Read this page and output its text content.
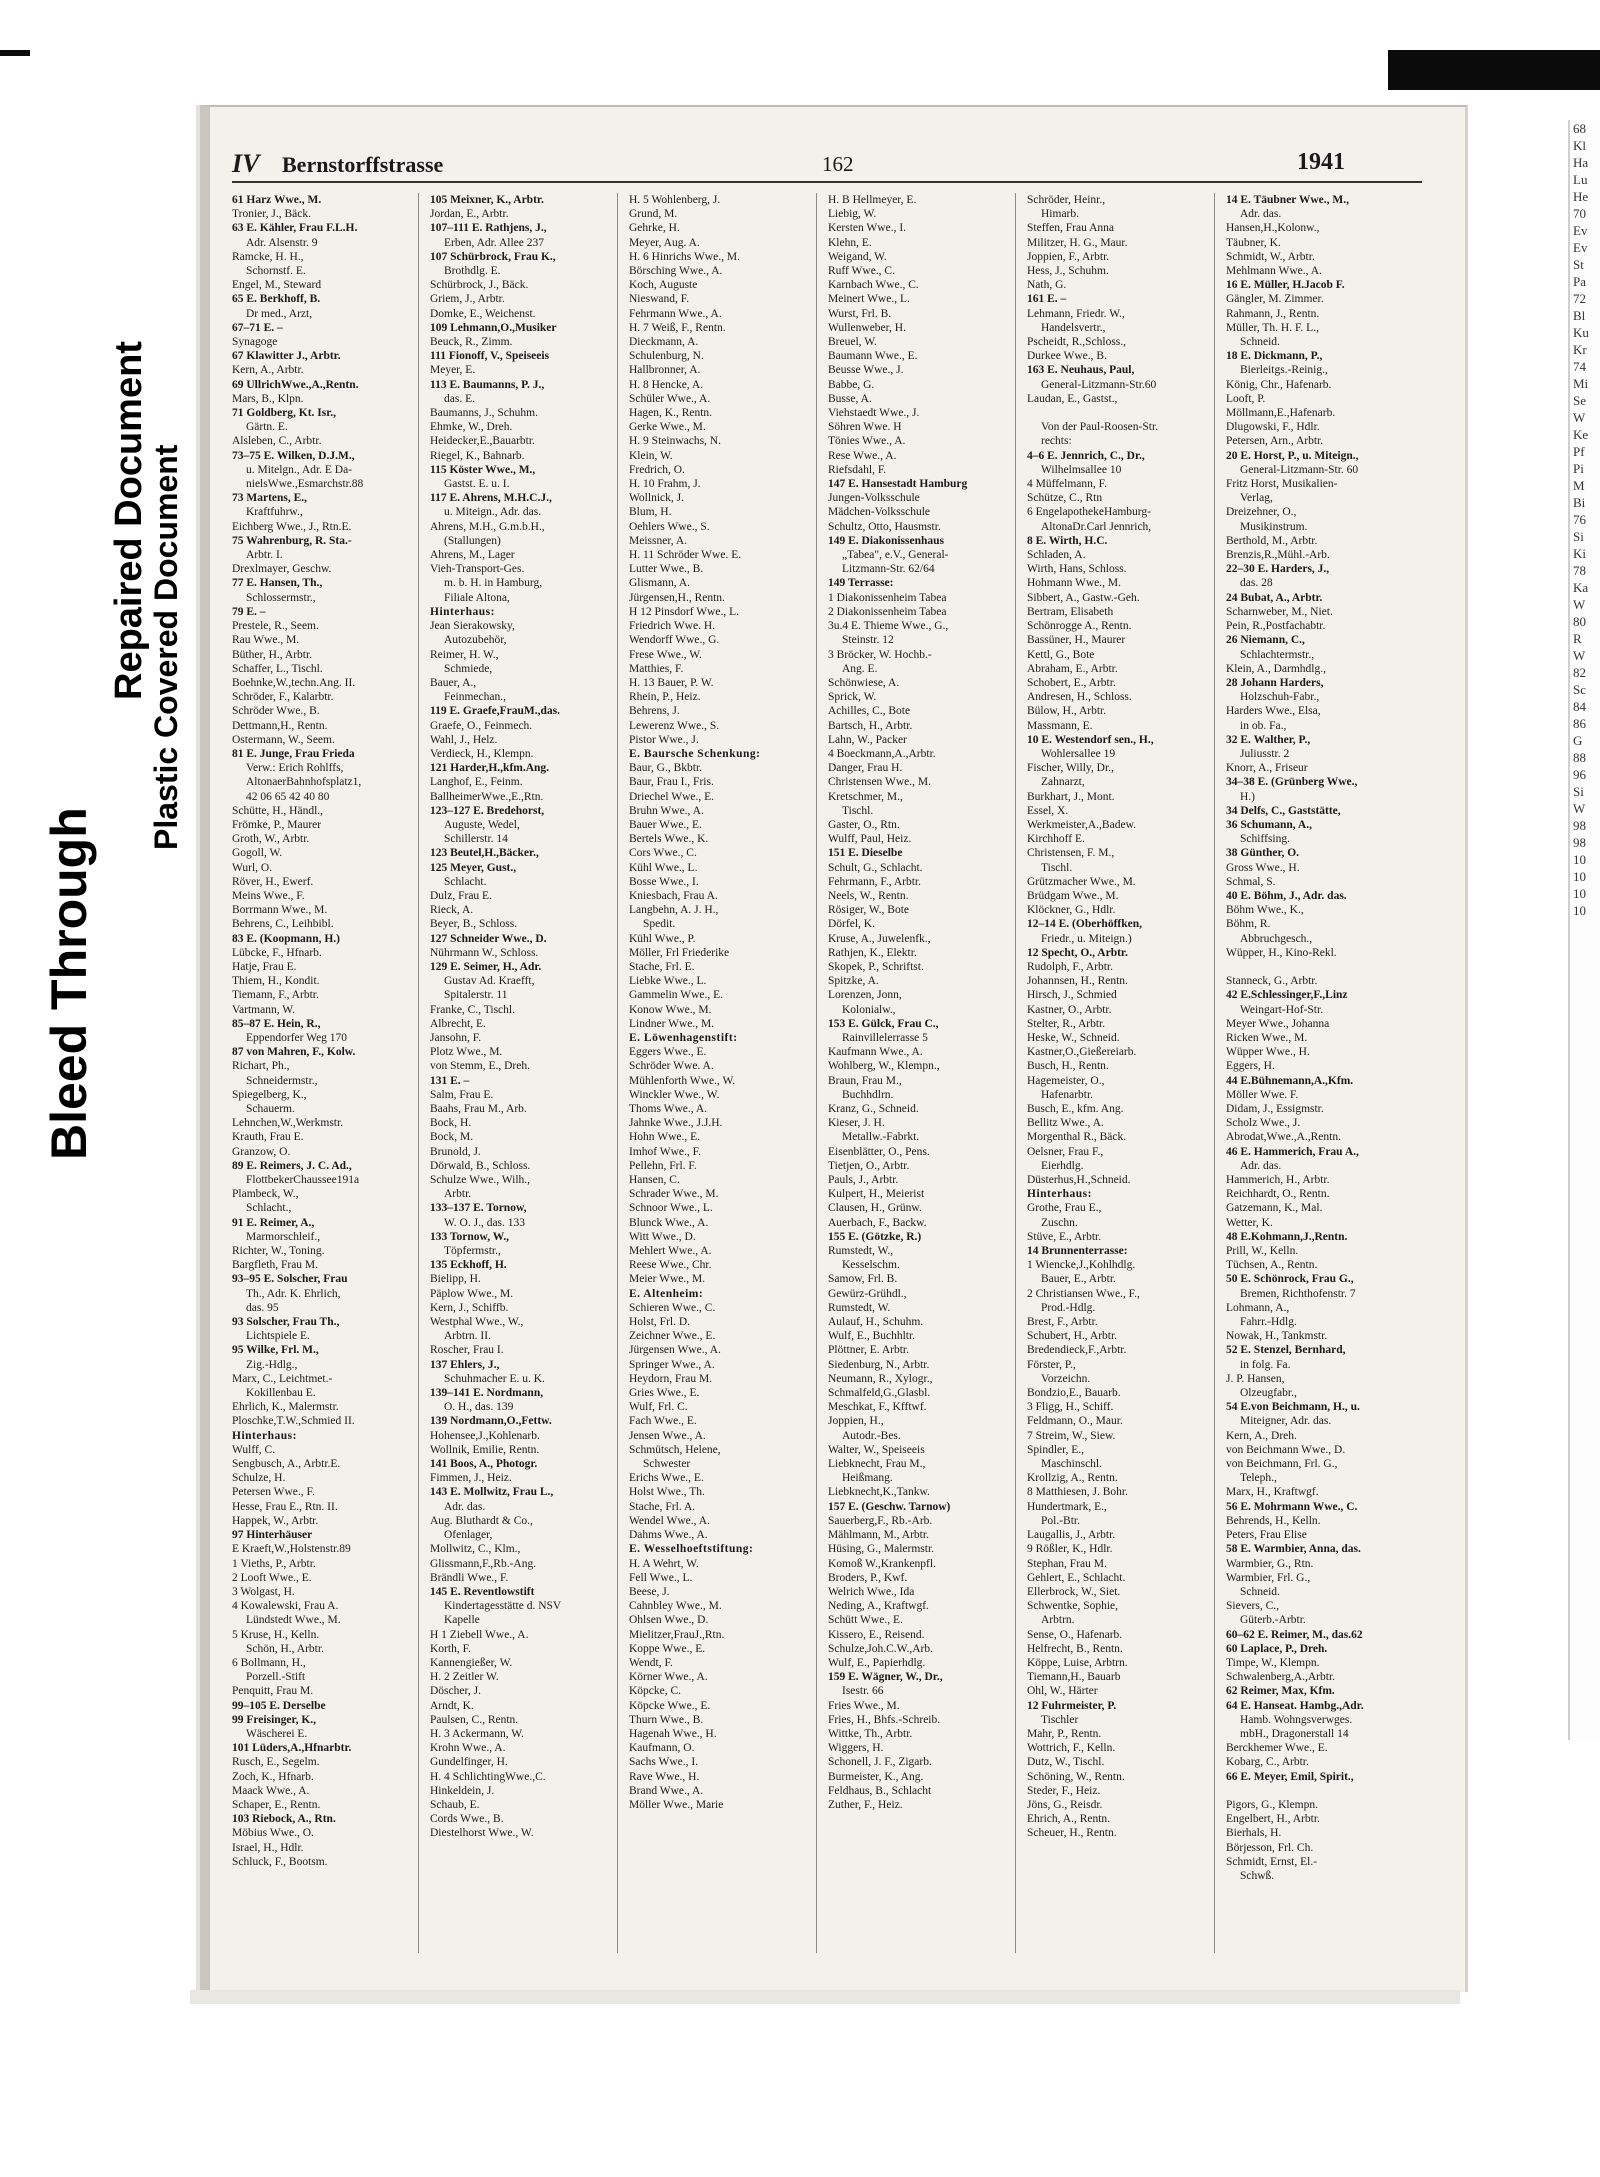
Bleed Through
Repaired Document
Plastic Covered Document
68
Kl
Ha
Lu
He
70
Ev
Ev
St
Pa
72
Bl
Ku
Kr
74
Mi
Se
W
Ke
Pf
Pi
M
Bi
76
Si
Ki
78
Ka
W
80
R
W
82
Sc
84
86
G
88
96
Si
W
98
98
10
10
10
10
IV Bernstorffstrasse	162	1941
61 Harz Wwe., M.
Tronier, J., Bäck.
63 E. Kähler, Frau F.L.H.
Adr. Alsenstr. 9
Ramcke, H. H.,
Schornstf. E.
Engel, M., Steward
65 E. Berkhoff, B.
Dr med., Arzt,
67–71 E. –
Synagoge
67 Klawitter J., Arbtr.
Kern, A., Arbtr.
69 UllrichWwe.,A.,Rentn.
Mars, B., Klpn.
71 Goldberg, Kt. Isr.,
Gärtn. E.
Alsleben, C., Arbtr.
73–75 E. Wilken, D.J.M.,
u. Mitelgn., Adr. E Da-
nielsWwe.,Esmarchstr.88
73 Martens, E.,
Kraftfuhrw.,
Eichberg Wwe., J., Rtn.E.
75 Wahrenburg, R. Sta.-
Arbtr. I.
Drexlmayer, Geschw.
77 E. Hansen, Th.,
Schlossermstr.,
79 E. –
Prestele, R., Seem.
Rau Wwe., M.
Büther, H., Arbtr.
Schaffer, L., Tischl.
Boehnke,W.,techn.Ang. II.
Schröder, F., Kalarbtr.
Schröder Wwe., B.
Dettmann,H., Rentn.
Ostermann, W., Seem.
81 E. Junge, Frau Frieda
Verw.: Erich Rohlffs,
AltonaerBahnhofsplatz1,
42 06 65 42 40 80
Schütte, H., Händl.,
Frömke, P., Maurer
Groth, W., Arbtr.
Gogoll, W.
Wurl, O.
Röver, H., Ewerf.
Meins Wwe., F.
Borrmann Wwe., M.
Behrens, C., Leihbibl.
83 E. (Koopmann, H.)
Lübcke, F., Hfnarb.
Hatje, Frau E.
Thiem, H., Kondit.
Tiemann, F., Arbtr.
Vartmann, W.
85–87 E. Hein, R.,
Eppendorfer Weg 170
87 von Mahren, F., Kolw.
Richart, Ph.,
Schneidermstr.,
Spiegelberg, K.,
Schauerm.
Lehnchen,W.,Werkmstr.
Krauth, Frau E.
Granzow, O.
89 E. Reimers, J. C. Ad.,
FlottbekerChaussee191a
Plambeck, W.,
Schlacht.,
91 E. Reimer, A.,
Marmorschleif.,
Richter, W., Toning.
Bargfleth, Frau M.
93–95 E. Solscher, Frau
Th., Adr. K. Ehrlich,
das. 95
93 Solscher, Frau Th.,
Lichtspiele E.
95 Wilke, Frl. M.,
Zig.-Hdlg.,
Marx, C., Leichtmet.-
Kokillenbau E.
Ehrlich, K., Malermstr.
Ploschke,T.W.,Schmied II.
Hinterhaus:
Wulff, C.
Sengbusch, A., Arbtr.E.
Schulze, H.
Petersen Wwe., F.
Hesse, Frau E., Rtn. II.
Happek, W., Arbtr.
97 Hinterhäuser
E Kraeft,W.,Holstenstr.89
1 Vieths, P., Arbtr.
2 Looft Wwe., E.
3 Wolgast, H.
4 Kowalewski, Frau A.
Lündstedt Wwe., M.
5 Kruse, H., Kelln.
Schön, H., Arbtr.
6 Bollmann, H.,
Porzell.-Stift
Penquitt, Frau M.
99–105 E. Derselbe
99 Freisinger, K.,
Wäscherei E.
101 Lüders,A.,Hfnarbtr.
Rusch, E., Segelm.
Zoch, K., Hfnarb.
Maack Wwe., A.
Schaper, E., Rentn.
103 Riebock, A., Rtn.
Möbius Wwe., O.
Israel, H., Hdlr.
Schluck, F., Bootsm.
105 Meixner, K., Arbtr.
Jordan, E., Arbtr.
107–111 E. Rathjens, J.,
Erben, Adr. Allee 237
107 Schürbrock, Frau K.,
Brothdlg. E.
Schürbrock, J., Bäck.
Griem, J., Arbtr.
Domke, E., Weichenst.
109 Lehmann,O.,Musiker
Beuck, R., Zimm.
111 Fionoff, V., Speiseeis
Meyer, E.
113 E. Baumanns, P. J.,
das. E.
Baumanns, J., Schuhm.
Ehmke, W., Dreh.
Heidecker,E.,Bauarbtr.
Riegel, K., Bahnarb.
115 Köster Wwe., M.,
Gastst. E. u. I.
117 E. Ahrens, M.H.C.J.,
u. Miteign., Adr. das.
Ahrens, M.H., G.m.b.H.,
(Stallungen)
Ahrens, M., Lager
Vieh-Transport-Ges.
m. b. H. in Hamburg,
Filiale Altona,
Hinterhaus:
Jean Sierakowsky,
Autozubehör,
Reimer, H. W.,
Schmiede,
Bauer, A.,
Feinmechan.,
119 E. Graefe,FrauM.,das.
Graefe, O., Feinmech.
Wahl, J., Helz.
Verdieck, H., Klempn.
121 Harder,H.,kfm.Ang.
Langhof, E., Feinm.
BallheimerWwe.,E.,Rtn.
123–127 E. Bredehorst,
Auguste, Wedel,
Schillerstr. 14
123 Beutel,H.,Bäcker.,
125 Meyer, Gust.,
Schlacht.
Dulz, Frau E.
Rieck, A.
Beyer, B., Schloss.
127 Schneider Wwe., D.
Nührmann W., Schloss.
129 E. Seimer, H., Adr.
Gustav Ad. Kraefft,
Spitalerstr. 11
Franke, C., Tischl.
Albrecht, E.
Jansohn, F.
Plotz Wwe., M.
von Stemm, E., Dreh.
131 E. –
Salm, Frau E.
Baahs, Frau M., Arb.
Bock, H.
Bock, M.
Brunold, J.
Dörwald, B., Schloss.
Schulze Wwe., Wilh.,
Arbtr.
133–137 E. Tornow,
W. O. J., das. 133
133 Tornow, W.,
Töpfermstr.,
135 Eckhoff, H.
Bielipp, H.
Päplow Wwe., M.
Kern, J., Schiffb.
Westphal Wwe., W.,
Arbtrn. II.
Roscher, Frau I.
137 Ehlers, J.,
Schuhmacher E. u. K.
139–141 E. Nordmann,
O. H., das. 139
139 Nordmann,O.,Fettw.
Hohensee,J.,Kohlenarb.
Wollnik, Emilie, Rentn.
141 Boos, A., Photogr.
Fimmen, J., Heiz.
143 E. Mollwitz, Frau L.,
Adr. das.
Aug. Bluthardt & Co.,
Ofenlager,
Mollwitz, C., Klm.,
Glissmann,F.,Rb.-Ang.
Brändli Wwe., F.
145 E. Reventlowstift
Kindertagesstätte d. NSV
Kapelle
H 1 Ziebell Wwe., A.
Korth, F.
Kannengießer, W.
H. 2 Zeitler W.
Döscher, J.
Arndt, K.
Paulsen, C., Rentn.
H. 3 Ackermann, W.
Krohn Wwe., A.
Gundelfinger, H.
H. 4 SchlichtingWwe.,C.
Hinkeldein, J.
Schaub, E.
Cords Wwe., B.
Diestelhorst Wwe., W.
H. 5 Wohlenberg, J.
Grund, M.
Gehrke, H.
Meyer, Aug. A.
H. 6 Hinrichs Wwe., M.
Börsching Wwe., A.
Koch, Auguste
Nieswand, F.
Fehrmann Wwe., A.
H. 7 Weiß, F., Rentn.
Dieckmann, A.
Schulenburg, N.
Hallbronner, A.
H. 8 Hencke, A.
Schüler Wwe., A.
Hagen, K., Rentn.
Gerke Wwe., M.
H. 9 Steinwachs, N.
Klein, W.
Fredrich, O.
H. 10 Frahm, J.
Wollnick, J.
Blum, H.
Oehlers Wwe., S.
Meissner, A.
H. 11 Schröder Wwe. E.
Lutter Wwe., B.
Glismann, A.
Jürgensen,H., Rentn.
H 12 Pinsdorf Wwe., L.
Friedrich Wwe. H.
Wendorff Wwe., G.
Frese Wwe., W.
Matthies, F.
H. 13 Bauer, P. W.
Rhein, P., Heiz.
Behrens, J.
Lewerenz Wwe., S.
Pistor Wwe., J.
E. Baursche Schenkung:
Baur, G., Bkbtr.
Baur, Frau I., Fris.
Driechel Wwe., E.
Bruhn Wwe., A.
Bauer Wwe., E.
Bertels Wwe., K.
Cors Wwe., C.
Kühl Wwe., L.
Bosse Wwe., I.
Kniesbach, Frau A.
Langbehn, A. J. H.,
Spedit.
Kühl Wwe., P.
Möller, Frl Friederike
Stache, Frl. E.
Liebke Wwe., L.
Gammelin Wwe., E.
Konow Wwe., M.
Lindner Wwe., M.
E. Löwenhagenstift:
Eggers Wwe., E.
Schröder Wwe. A.
Mühlenforth Wwe., W.
Winckler Wwe., W.
Thoms Wwe., A.
Jahnke Wwe., J.J.H.
Hohn Wwe., E.
Imhof Wwe., F.
Pellehn, Frl. F.
Hansen, C.
Schrader Wwe., M.
Schnoor Wwe., L.
Blunck Wwe., A.
Witt Wwe., D.
Mehlert Wwe., A.
Reese Wwe., Chr.
Meier Wwe., M.
E. Altenheim:
Schieren Wwe., C.
Holst, Frl. D.
Zeichner Wwe., E.
Jürgensen Wwe., A.
Springer Wwe., A.
Heydorn, Frau M.
Gries Wwe., E.
Wulf, Frl. C.
Fach Wwe., E.
Jensen Wwe., A.
Schmütsch, Helene,
Schwester
Erichs Wwe., E.
Holst Wwe., Th.
Stache, Frl. A.
Wendel Wwe., A.
Dahms Wwe., A.
E. Wesselhoeftstiftung:
H. A Wehrt, W.
Fell Wwe., L.
Beese, J.
Cahnbley Wwe., M.
Ohlsen Wwe., D.
Mielitzer,FrauJ.,Rtn.
Koppe Wwe., E.
Wendt, F.
Körner Wwe., A.
Köpcke, C.
Köpcke Wwe., E.
Thurn Wwe., B.
Hagenah Wwe., H.
Kaufmann, O.
Sachs Wwe., I.
Rave Wwe., H.
Brand Wwe., A.
Möller Wwe., Marie
H. B Hellmeyer, E.
Liebig, W.
Kersten Wwe., I.
Klehn, E.
Weigand, W.
Ruff Wwe., C.
Karnbach Wwe., C.
Meinert Wwe., L.
Wurst, Frl. B.
Wullenweber, H.
Breuel, W.
Baumann Wwe., E.
Beusse Wwe., J.
Babbe, G.
Busse, A.
Viehstaedt Wwe., J.
Söhren Wwe. H
Tönies Wwe., A.
Rese Wwe., A.
Riefsdahl, F.
147 E. Hansestadt Hamburg
Jungen-Volksschule
Mädchen-Volksschule
Schultz, Otto, Hausmstr.
149 E. Diakonissenhaus
„Tabea", e.V., General-
Litzmann-Str. 62/64
149 Terrasse:
1 Diakonissenheim Tabea
2 Diakonissenheim Tabea
3u.4 E. Thieme Wwe., G.,
Steinstr. 12
3 Bröcker, W. Hochb.-
Ang. E.
Schönwiese, A.
Sprick, W.
Achilles, C., Bote
Bartsch, H., Arbtr.
Lahn, W., Packer
4 Boeckmann,A.,Arbtr.
Danger, Frau H.
Christensen Wwe., M.
Kretschmer, M.,
Tischl.
Gaster, O., Rtn.
Wulff, Paul, Heiz.
151 E. Dieselbe
Schult, G., Schlacht.
Fehrmann, F., Arbtr.
Neels, W., Rentn.
Rösiger, W., Bote
Dörfel, K.
Kruse, A., Juwelenfk.,
Rathjen, K., Elektr.
Skopek, P., Schriftst.
Spitzke, A.
Lorenzen, Jonn,
Kolonialw.,
153 E. Gülck, Frau C.,
Rainvillelerrasse 5
Kaufmann Wwe., A.
Wohlberg, W., Klempn.,
Braun, Frau M.,
Buchhdlrn.
Kranz, G., Schneid.
Kieser, J. H.
Metallw.-Fabrkt.
Eisenblätter, O., Pens.
Tietjen, O., Arbtr.
Pauls, J., Arbtr.
Kulpert, H., Meierist
Clausen, H., Grünw.
Auerbach, F., Backw.
155 E. (Götzke, R.)
Rumstedt, W.,
Kesselschm.
Samow, Frl. B.
Gewürz-Grühdl.,
Rumstedt, W.
Aulauf, H., Schuhm.
Wulf, E., Buchhltr.
Plöttner, E. Arbtr.
Siedenburg, N., Arbtr.
Neumann, R., Xylogr.,
Schmalfeld,G.,Glasbl.
Meschkat, F., Kfftwf.
Joppien, H.,
Autodr.-Bes.
Walter, W., Speiseeis
Liebknecht, Frau M.,
Heißmang.
Liebknecht,K.,Tankw.
157 E. (Geschw. Tarnow)
Sauerberg,F., Rb.-Arb.
Mählmann, M., Arbtr.
Hüsing, G., Malermstr.
Komoß W.,Krankenpfl.
Broders, P., Kwf.
Welrich Wwe., Ida
Neding, A., Kraftwgf.
Schütt Wwe., E.
Kissero, E., Reisend.
Schulze,Joh.C.W.,Arb.
Wulf, E., Papierhdlg.
159 E. Wägner, W., Dr.,
Isestr. 66
Fries Wwe., M.
Fries, H., Bhfs.-Schreib.
Wittke, Th., Arbtr.
Wiggers, H.
Schonell, J. F., Zigarb.
Burmeister, K., Ang.
Feldhaus, B., Schlacht
Zuther, F., Heiz.
Schröder, Heinr.,
Himarb.
Steffen, Frau Anna
Militzer, H. G., Maur.
Joppien, F., Arbtr.
Hess, J., Schuhm.
Nath, G.
161 E. –
Lehmann, Friedr. W.,
Handelsvertr.,
Pscheidt, R.,Schloss.,
Durkee Wwe., B.
163 E. Neuhaus, Paul,
General-Litzmann-Str.60
Laudan, E., Gastst.,

Von der Paul-Roosen-Str.
rechts:
4–6 E. Jennrich, C., Dr.,
Wilhelmsallee 10
4 Müffelmann, F.
Schütze, C., Rtn
6 EngelapothekeHamburg-
AltonaDr.Carl Jennrich,
8 E. Wirth, H.C.
Schladen, A.
Wirth, Hans, Schloss.
Hohmann Wwe., M.
Sibbert, A., Gastw.-Geh.
Bertram, Elisabeth
Schönrogge A., Rentn.
Bassüner, H., Maurer
Kettl, G., Bote
Abraham, E., Arbtr.
Schobert, E., Arbtr.
Andresen, H., Schloss.
Bülow, H., Arbtr.
Massmann, E.
10 E. Westendorf sen., H.,
Wohlersallee 19
Fischer, Willy, Dr.,
Zahnarzt,
Burkhart, J., Mont.
Essel, X.
Werkmeister,A.,Badew.
Kirchhoff E.
Christensen, F. M.,
Tischl.
Grützmacher Wwe., M.
Brüdgam Wwe., M.
Klöckner, G., Hdlr.
12–14 E. (Oberhöffken,
Friedr., u. Miteign.)
12 Specht, O., Arbtr.
Rudolph, F., Arbtr.
Johannsen, H., Rentn.
Hirsch, J., Schmied
Kastner, O., Arbtr.
Stelter, R., Arbtr.
Heske, W., Schneid.
Kastner,O.,Gießereiarb.
Busch, H., Rentn.
Hagemeister, O.,
Hafenarbtr.
Busch, E., kfm. Ang.
Bellitz Wwe., A.
Morgenthal R., Bäck.
Oelsner, Frau F.,
Eierhdlg.
Düsterhus,H.,Schneid.
Hinterhaus:
Grothe, Frau E.,
Zuschn.
Stüve, E., Arbtr.
14 Brunnenterrasse:
1 Wiencke,J.,Kohlhdlg.
Bauer, E., Arbtr.
2 Christiansen Wwe., F.,
Prod.-Hdlg.
Brest, F., Arbtr.
Schubert, H., Arbtr.
Bredendieck,F.,Arbtr.
Förster, P.,
Vorzeichn.
Bondzio,E., Bauarb.
3 Fligg, H., Schiff.
Feldmann, O., Maur.
7 Streim, W., Siew.
Spindler, E.,
Maschinschl.
Krollzig, A., Rentn.
8 Matthiesen, J. Bohr.
Hundertmark, E.,
Pol.-Btr.
Laugallis, J., Arbtr.
9 Rößler, K., Hdlr.
Stephan, Frau M.
Gehlert, E., Schlacht.
Ellerbrock, W., Siet.
Schwentke, Sophie,
Arbtrn.
Sense, O., Hafenarb.
Helfrecht, B., Rentn.
Köppe, Luise, Arbtrn.
Tiemann,H., Bauarb
Ohl, W., Härter
12 Fuhrmeister, P.
Tischler
Mahr, P., Rentn.
Wottrich, F., Kelln.
Dutz, W., Tischl.
Schöning, W., Rentn.
Steder, F., Heiz.
Jöns, G., Reisdr.
Ehrich, A., Rentn.
Scheuer, H., Rentn.
14 E. Täubner Wwe., M.,
Adr. das.
Hansen,H.,Kolonw.,
Täubner, K.
Schmidt, W., Arbtr.
Mehlmann Wwe., A.
16 E. Müller, H.Jacob F.
Gängler, M. Zimmer.
Rahmann, J., Rentn.
Müller, Th. H. F. L.,
Schneid.
18 E. Dickmann, P.,
Bierleitgs.-Reinig.,
König, Chr., Hafenarb.
Looft, P.
Möllmann,E.,Hafenarb.
Dlugowski, F., Hdlr.
Petersen, Arn., Arbtr.
20 E. Horst, P., u. Miteign.,
General-Litzmann-Str. 60
Fritz Horst, Musikalien-
Verlag,
Dreizehner, O.,
Musikinstrum.
Berthold, M., Arbtr.
Brenzis,R.,Mühl.-Arb.
22–30 E. Harders, J.,
das. 28
24 Bubat, A., Arbtr.
Scharnweber, M., Niet.
Pein, R.,Postfachabtr.
26 Niemann, C.,
Schlachtermstr.,
Klein, A., Darmhdlg.,
28 Johann Harders,
Holzschuh-Fabr.,
Harders Wwe., Elsa,
in ob. Fa.,
32 E. Walther, P.,
Juliusstr. 2
Knorr, A., Friseur
34–38 E. (Grünberg Wwe.,
H.)
34 Delfs, C., Gaststätte,
36 Schumann, A.,
Schiffsing.
38 Günther, O.
Gross Wwe., H.
Schmal, S.
40 E. Böhm, J., Adr. das.
Böhm Wwe., K.,
Böhm, R.
Abbruchgesch.,
Wüpper, H., Kino-Rekl.

Stanneck, G., Arbtr.
42 E.Schlessinger,F.,Linz
Weingart-Hof-Str.
Meyer Wwe., Johanna
Ricken Wwe., M.
Wüpper Wwe., H.
Eggers, H.
44 E.Bühnemann,A.,Kfm.
Möller Wwe. F.
Didam, J., Essigmstr.
Scholz Wwe., J.
Abrodat,Wwe.,A.,Rentn.
46 E. Hammerich, Frau A.,
Adr. das.
Hammerich, H., Arbtr.
Reichhardt, O., Rentn.
Gatzemann, K., Mal.
Wetter, K.
48 E.Kohmann,J.,Rentn.
Prill, W., Kelln.
Tüchsen, A., Rentn.
50 E. Schönrock, Frau G.,
Bremen, Richthofenstr. 7
Lohmann, A.,
Fahrr.-Hdlg.
Nowak, H., Tankmstr.
52 E. Stenzel, Bernhard,
in folg. Fa.
J. P. Hansen,
Olzeugfabr.,
54 E.von Beichmann, H., u.
Miteigner, Adr. das.
Kern, A., Dreh.
von Beichmann Wwe., D.
von Beichmann, Frl. G.,
Teleph.,
Marx, H., Kraftwgf.
56 E. Mohrmann Wwe., C.
Behrends, H., Kelln.
Peters, Frau Elise
58 E. Warmbier, Anna, das.
Warmbier, G., Rtn.
Warmbier, Frl. G.,
Schneid.
Sievers, C.,
Güterb.-Arbtr.
60–62 E. Reimer, M., das.62
60 Laplace, P., Dreh.
Timpe, W., Klempn.
Schwalenberg,A.,Arbtr.
62 Reimer, Max, Kfm.
64 E. Hanseat. Hambg.,Adr.
Hamb. Wohngsverwges.
mbH., Dragonerstall 14
Berckhemer Wwe., E.
Kobarg, C., Arbtr.
66 E. Meyer, Emil, Spirit.,

Pigors, G., Klempn.
Engelbert, H., Arbtr.
Bierhals, H.
Börjesson, Frl. Ch.
Schmidt, Ernst, El.-
Schwß.
